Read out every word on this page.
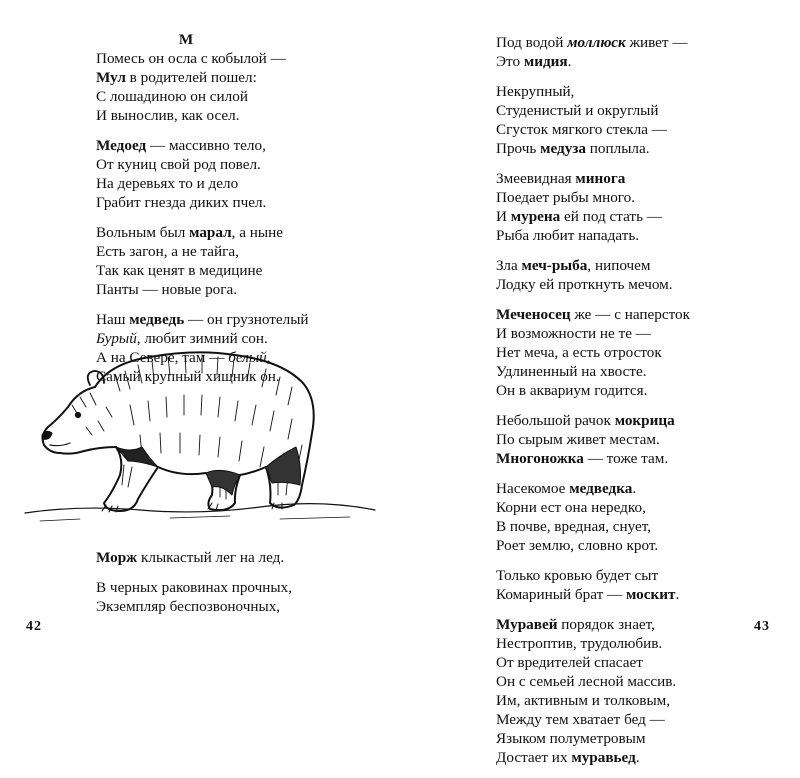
М
Помесь он осла с кобылой —
Мул в родителей пошел:
С лошадиною он силой
И вынослив, как осел.
Медоед — массивно тело,
От куниц свой род повел.
На деревьях то и дело
Грабит гнезда диких пчел.
Вольным был марал, а ныне
Есть загон, а не тайга,
Так как ценят в медицине
Панты — новые рога.
Наш медведь — он грузнотелый
Бурый, любит зимний сон.
А на Севере, там — белый,
Самый крупный хищник он.
Морж клыкастый лег на лед.
В черных раковинах прочных,
Экземпляр беспозвоночных,
42
Под водой моллюск живет —
Это мидия.
Некрупный,
Студенистый и округлый
Сгусток мягкого стекла —
Прочь медуза поплыла.
Змеевидная минога
Поедает рыбы много.
И мурена ей под стать —
Рыба любит нападать.
Зла меч-рыба, нипочем
Лодку ей проткнуть мечом.
Меченосец же — с наперсток
И возможности не те —
Нет меча, а есть отросток
Удлиненный на хвосте.
Он в аквариум годится.
Небольшой рачок мокрица
По сырым живет местам.
Многоножка — тоже там.
Насекомое медведка.
Корни ест она нередко,
В почве, вредная, снует,
Роет землю, словно крот.
Только кровью будет сыт
Комариный брат — москит.
Муравей порядок знает,
Нестроптив, трудолюбив.
От вредителей спасает
Он с семьей лесной массив.
Им, активным и толковым,
Между тем хватает бед —
Языком полуметровым
Достает их муравьед.
43
